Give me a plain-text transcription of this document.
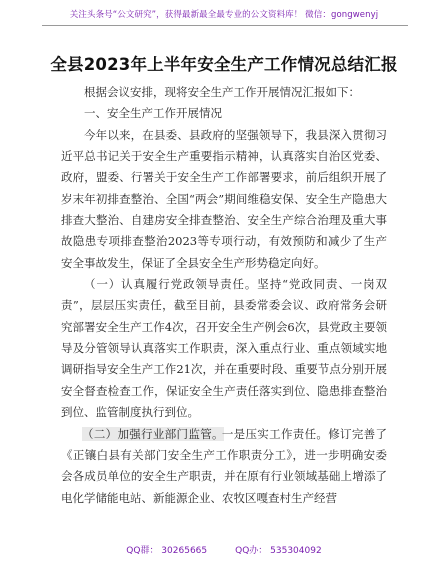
关注头条号“公文研究”，获得最新最全最专业的公文资料库！ 微信：gongwenyj
全县2023年上半年安全生产工作情况总结汇报

根据会议安排，现将安全生产工作开展情况汇报如下：

一、安全生产工作开展情况

今年以来，在县委、县政府的坚强领导下，我县深入贯彻习近平总书记关于安全生产重要指示精神，认真落实自治区党委、政府，盟委、行署关于安全生产工作部署要求，前后组织开展了岁末年初排查整治、全国“两会”期间维稳安保、安全生产隐患大排查大整治、自建房安全排查整治、安全生产综合治理及重大事故隐患专项排查整治2023等专项行动，有效预防和减少了生产安全事故发生，保证了全县安全生产形势稳定向好。

（一）认真履行党政领导责任。坚持“党政同责、一岗双责”，层层压实责任，截至目前，县委常委会议、政府常务会研究部署安全生产工作4次，召开安全生产例会6次，县党政主要领导及分管领导认真落实工作职责，深入重点行业、重点领域实地调研指导安全生产工作21次，并在重要时段、重要节点分别开展安全督查检查工作，保证安全生产责任落实到位、隐患排查整治到位、监管制度执行到位。

（二）加强行业部门监管。一是压实工作责任。修订完善了《正镶白县有关部门安全生产工作职责分工》，进一步明确安委会各成员单位的安全生产职责，并在原有行业领域基础上增添了电化学储能电站、新能源企业、农牧区嘎查村生产经营

QQ群： 30265665	QQ办： 535304092
